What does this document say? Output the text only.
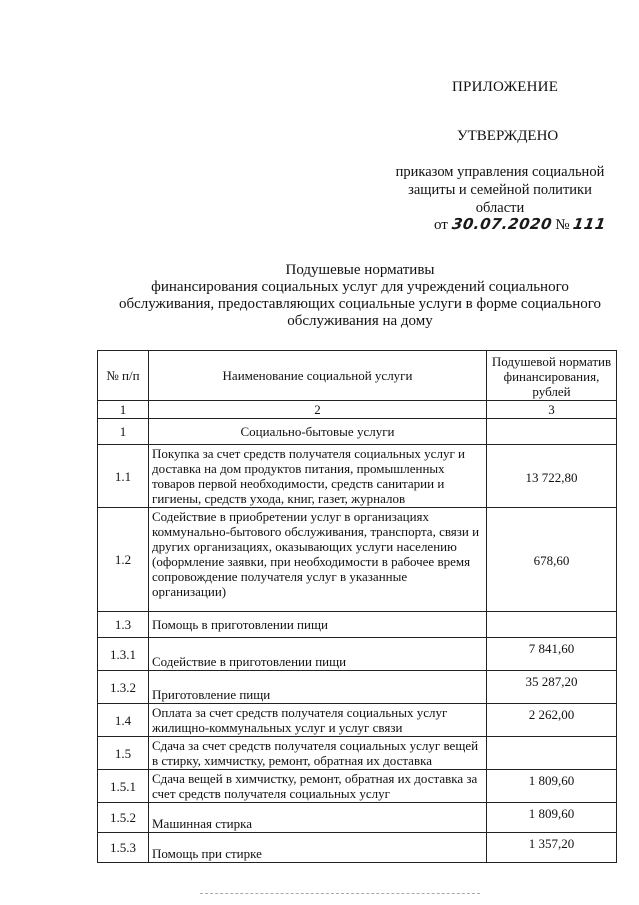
ПРИЛОЖЕНИЕ
УТВЕРЖДЕНО
приказом управления социальной
защиты и семейной политики
области
от 30.07.2020 № 111
Подушевые нормативы
финансирования социальных услуг для учреждений социального
обслуживания, предоставляющих социальные услуги в форме социального
обслуживания на дому
№ п/п	Наименование социальной услуги	Подушевой норматив финансирования, рублей
1	2	3
1	Социально-бытовые услуги	
1.1	Покупка за счет средств получателя социальных услуг и доставка на дом продуктов питания, промышленных товаров первой необходимости, средств санитарии и гигиены, средств ухода, книг, газет, журналов	13 722,80
1.2	Содействие в приобретении услуг в организациях коммунально-бытового обслуживания, транспорта, связи и других организациях, оказывающих услуги населению (оформление заявки, при необходимости в рабочее время сопровождение получателя услуг в указанные организации)	678,60
1.3	Помощь в приготовлении пищи	
1.3.1	Содействие в приготовлении пищи	7 841,60
1.3.2	Приготовление пищи	35 287,20
1.4	Оплата за счет средств получателя социальных услуг жилищно-коммунальных услуг и услуг связи	2 262,00
1.5	Сдача за счет средств получателя социальных услуг вещей в стирку, химчистку, ремонт, обратная их доставка	
1.5.1	Сдача вещей в химчистку, ремонт, обратная их доставка за счет средств получателя социальных услуг	1 809,60
1.5.2	Машинная стирка	1 809,60
1.5.3	Помощь при стирке	1 357,20
